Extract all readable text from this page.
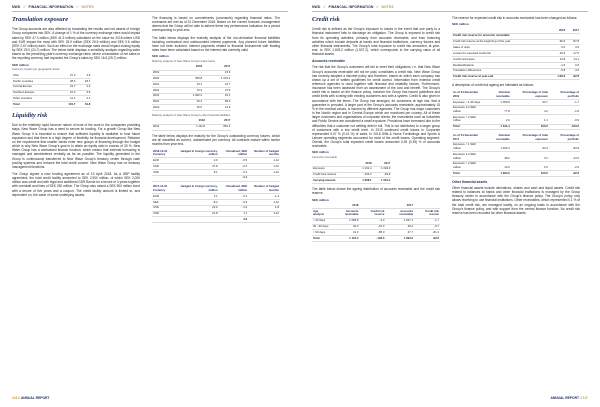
NWD // FINANCIAL INFORMATION // NOTES
Translation exposure

The Group accounts are also affected by translating the results and net assets of foreign Group companies into SEK. A change of 1 % of the currency exchange rates would impact sales by SEK 47.3 million (SEK 41.3 million) calculated on the value for 2018 where USD and EUR impact the most with SEK 25.9 million (SEK 26.5 million) and SEK 9.6 million (SEK 2.67 million) each. Such an effect on the exchange rates would impact closing equity by SEK 29.0 (24.7) million. The below table displays a sensitivity analysis regarding sales based on the preceding year's currency exchange rates, where a translation of net sales to the reporting currency had impacted the Group's sales by SEK 16.6 (25.7) million.

SEK million
Currency impact per geographic areas
USA	27.2	4.9
Nordic countries	28.4	18.7
Central Europe	24.7	2.2
Southern Europe	10.3	3.9
Other countries	11.1	2.1
Total	101.7	31.8
Liquidity risk

Due to the relatively rapid turnover nature of most of the work in the companies providing stays, New Wave Group has a need to secure its funding. For a growth Group like New Wave Group it is essential to ensure that sufficient liquidity is available to fund future expansion and that there is a high degree of flexibility for financial development. Reliance on the requirement that smaller banks enter new groups of financing through the budget which is why New Wave Group's goal is to attain an equity ratio in excess of 30 %. New Wave Group has a centralized finance function, which means that external borrowing is managed and administered centrally as far as possible. The liquidity generated in the Group is continuously transferred to New Wave Group's treasury center through cash pooling systems and reduces the total credit volume. New Wave Group has no treasury management functions.

The Group signed a new funding agreement as of 13 April 2018. As a GBP facility agreement, the total credit facility amounted to SEK 2,900 million, of which SEK 2,000 million was credit and with legal and additional GDR Bonds for a tenure of 3 years together with overdraft and lines of SEK 250 million. The Group also raised a SEK 500 million bond with a tenure of five years and a coupon. The credit facility amount is limited to, and dependent on, the value of some underlying assets.

The financing is based on commitments (covenants) regarding financial ratios. The covenants are met as of 31 December 2018. Based on the current forecast, management deems that the Group will be able to adhere these key performance indicators for a period corresponding to year-end.

The table below displays the maturity analysis of the non-derivative financial liabilities including contractual and undiscounted interest payments. Any planned future liabilities have not been included. Interest payments related to financial instruments with floating rates have been calculated based on the interest rate currently valid.

SEK million
Maturity analysis of New Wave Group's bank loans
	2018	2017
2019	-	15.3
2020	350.8	1 070.1
2021	13.1	16.7
2022	70.3	37.9
2023	1 002.2	16.1
2024	40.4	86.4
2024-	16.6	14.9
Maturity analysis of New Wave Group's other financial liabilities
	2018	2017
2019	1 111.8	891.1

The table below displays the maturity for the Group's outstanding currency futures, which are all classified as current, undistributed per currency. All contracts mature within twelve months from year end.

2018-12-31 Currency	Hedged in foreign currency, million	Unrealised, SEK million	Number of hedged months
EUR	2.0	-0.5	1-12
USD	47.8	-0.4	1-12
USD	8.1	-0.2	1-12
		-1.1	
2017-12-31 Currency	Hedged in foreign currency, million	Unrealised, SEK million	Number of hedged months
EUR	2.1	-0.4	1-4
SEK	-8.3	-0.5	1-12
USD	22.9	-1.0	1-8
USD	21.8	1.1	1-12
		2.2	
116 // ANNUAL REPORT
NWD // FINANCIAL INFORMATION // NOTES
Credit risk

Credit risk is defined as the Group's exposure to losses in the event that one party to a financial instrument fails to discharge an obligation. The Group is exposed to credit risk from its operating activities, primarily from accounts receivable, and from financing activities which include deposits at banks and financial institutions, currency futures and other financial instruments. The Group's total exposure to credit risk amounted, at year-end, to SEK 1,603.2 million (1,537.2), which corresponds to the carrying value of all financial assets.

Accounts receivable

The risk that the Group's customers will fail to meet their obligations, i.e. that New Wave Group's accounts receivable will not be paid, constitutes a credit risk. New Wave Group has recently adopted a discrete policy and therefore, based on which each company has drawn up a set of written guidelines for credit control. Information from external credit reference agencies is used together with financial and reliability factors. Furthermore, insurance has been assessed from an assessment of the cost and benefit. The Group's credit risk is based on the finance policy, however the Group has issued guidelines and credit limits with a rating with existing customers and with a system. Credit is also given in accordance with the terms. The Group has arranged, for customers at high risk, that a guarantee is provided. A larger part of the Group's accounts receivable, approximately 15 % in the nominal values, is insured by different agencies. The Group has major customers in the Nordic region and in Central Europe which are monitored per country. All of these larger customers and organisations of corporate clients, the receivables such as Industries and Public Service are considered a small exposure. Provisions have increased due to the difficulties that a customer not settling debt in full. This is not distributed to a larger group of customers with a low credit level. In 2019 continued credit losses in Corporate represented 0.07 % (0.41 %) of sales. In 2018 Gifts & Home Furnishings and Sports & Leisure operating segments accounted for most of the credit losses. Operating segment. Overall, the Group's total expected credit losses amounted 0.35 (0.35) % of accounts receivable.

SEK million
Accounts receivable
	2018	2017
Exposure	1 131.4	1 094.0
Credit loss reserve	-103.3	-92.6
Carrying amount	1 028.1	1 001.4

The table below shows the ageing distribution of accounts receivable and the credit risk reserve.

SEK million
	2018		2017	
Age analysis	Accounts receivable	Credit risk reserve	Accounts receivable	Credit risk reserve
< 30 days	1 059.8	-3.3	1 027.1	-1.7
30 - 90 days	40.3	-15.0	39.2	-9.7
> 90 days	31.3	-85.0	27.7	-81.2
Total	1 131.4	-103.3	1 094.0	-92.6

The reserve for expected credit risk in accounts receivable has been changed as follows:

SEK million
	2018	2017
Credit risk reserve for accounts receivable		
Credit risk reserve at the beginning of the year	-92.6	-87.8
Sales of units	0.0	3.0
Losses for expected credit risk	-16.3	-17.6
Confirmed losses	13.8	14.1
Reclassifications	-1.5	0.0
Translation differences	-5.8	-4.3
Credit risk reserve at year-end	-103.3	-92.6

A description of credit risk ageing are intimated as follows:

As of 31 December 2019	Nominal receivable	Percentage of total exposure	Percentage of portfolio
Exposure < 1-30 days	1 059.8	93.7	-1.7
Exposure 1-2 SEK million	77.8	4.2	-1.8
Exposure > 2 SEK million	2.0	1.1	-0.9
Total	1 131.4	100.0	-103.3
As of 31 December 2017	Nominal receivable	Percentage of total exposure	Percentage of portfolio
Exposure < 1 SEK million	1 032.4	94.3	-83.9
Exposure 1-2 SEK million	48.2	3.1	-13.0
Exposure > 2 SEK million	13.9	2.5	-2.9
Total	1 094.0	100.0	-92.6
Other financial assets

Other financial assets include derivatives, shares and cash and liquid assets. Credit risk related to balances at banks and other financial institutions is managed by the Group treasury center in accordance with the Group's finance policy. The Group's policy only allows receiving to use financial institutions. Other receivables, which represented 0.1 % of the total credit risk, are managed locally, on an ongoing basis in accordance with the Group's finance policy, and with support from the central finance function. No credit risk reserve has been recorded for other financial assets.

ANNUAL REPORT // 117
